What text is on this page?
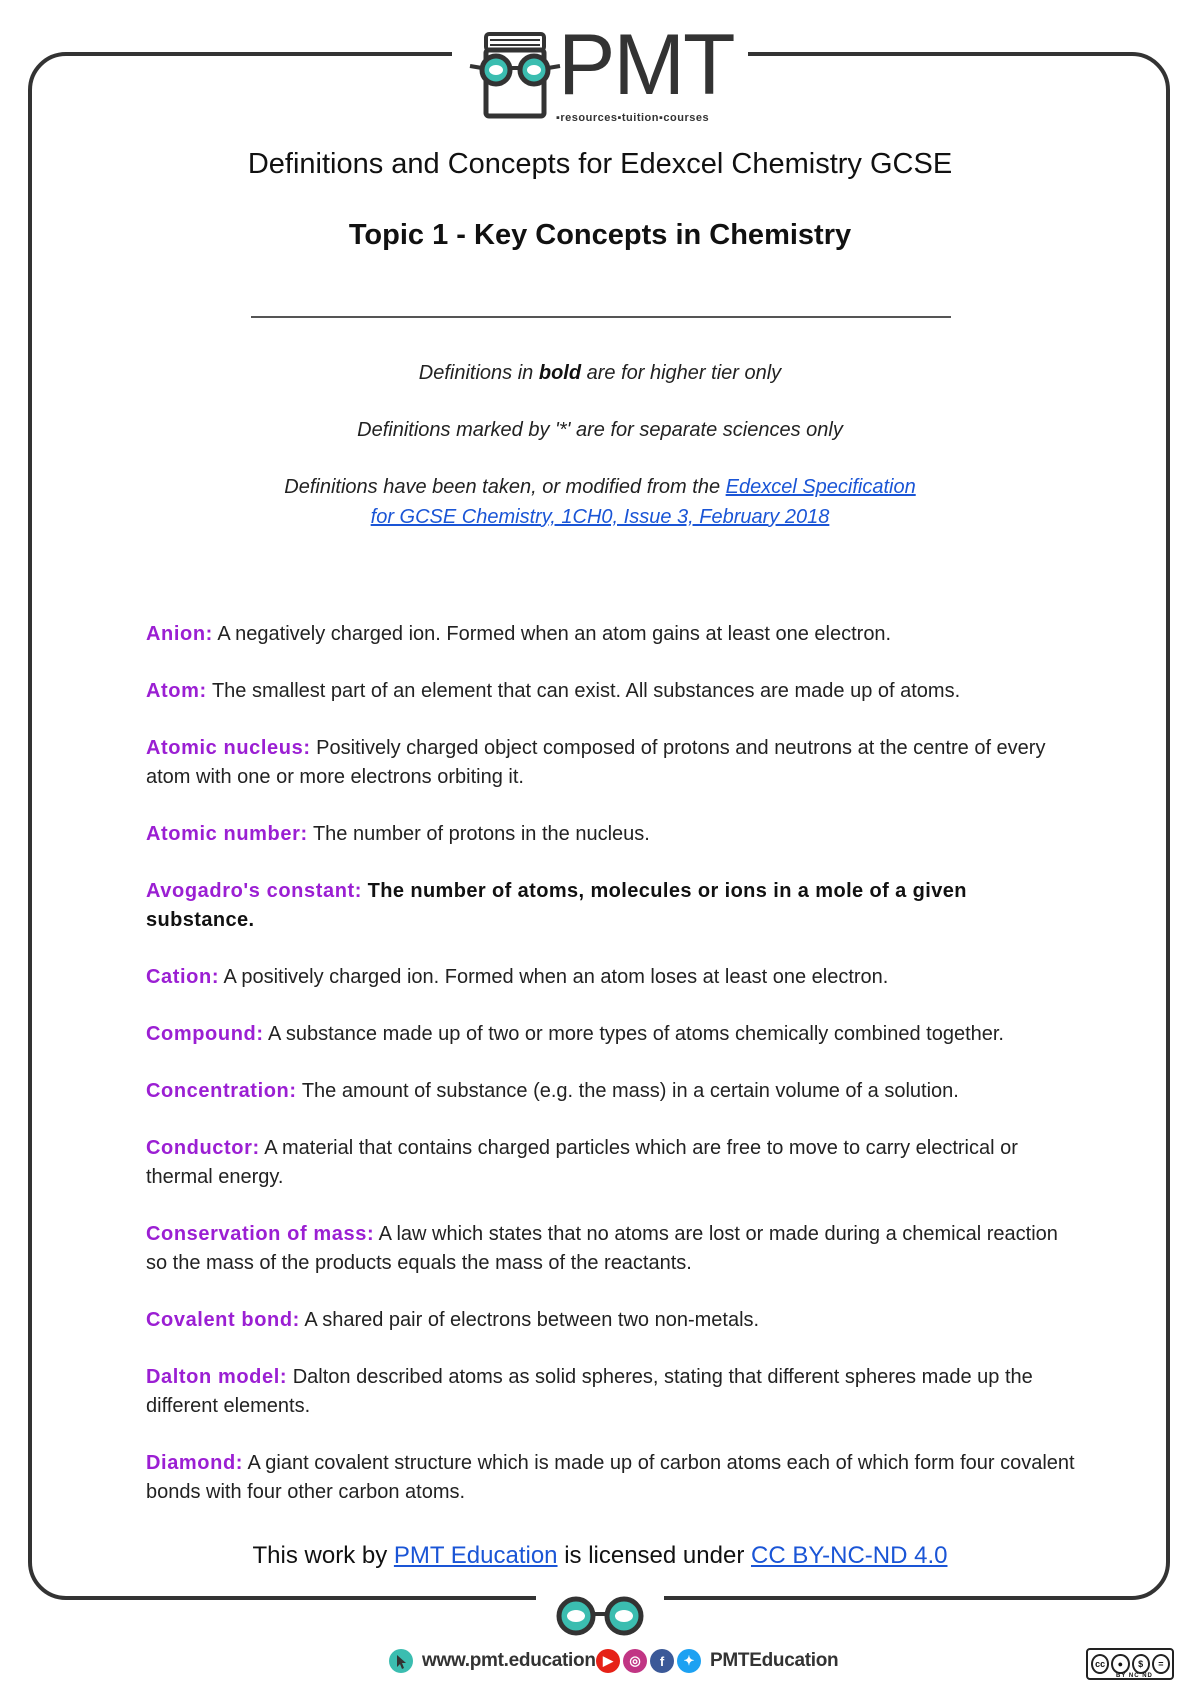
PMT
▪resources▪tuition▪courses
Definitions and Concepts for Edexcel Chemistry GCSE
Topic 1 - Key Concepts in Chemistry
Definitions in bold are for higher tier only
Definitions marked by '*' are for separate sciences only
Definitions have been taken, or modified from the Edexcel Specification
for GCSE Chemistry, 1CH0, Issue 3, February 2018
Anion: A negatively charged ion. Formed when an atom gains at least one electron.
Atom: The smallest part of an element that can exist. All substances are made up of atoms.
Atomic nucleus: Positively charged object composed of protons and neutrons at the centre of every atom with one or more electrons orbiting it.
Atomic number: The number of protons in the nucleus.
Avogadro's constant: The number of atoms, molecules or ions in a mole of a given substance.
Cation: A positively charged ion. Formed when an atom loses at least one electron.
Compound: A substance made up of two or more types of atoms chemically combined together.
Concentration: The amount of substance (e.g. the mass) in a certain volume of a solution.
Conductor: A material that contains charged particles which are free to move to carry electrical or thermal energy.
Conservation of mass: A law which states that no atoms are lost or made during a chemical reaction so the mass of the products equals the mass of the reactants.
Covalent bond: A shared pair of electrons between two non-metals.
Dalton model: Dalton described atoms as solid spheres, stating that different spheres made up the different elements.
Diamond: A giant covalent structure which is made up of carbon atoms each of which form four covalent bonds with four other carbon atoms.
This work by PMT Education is licensed under CC BY-NC-ND 4.0
www.pmt.education ▶	◎	f	✦ PMTEducation	cc	●	$	=
BY NC ND
